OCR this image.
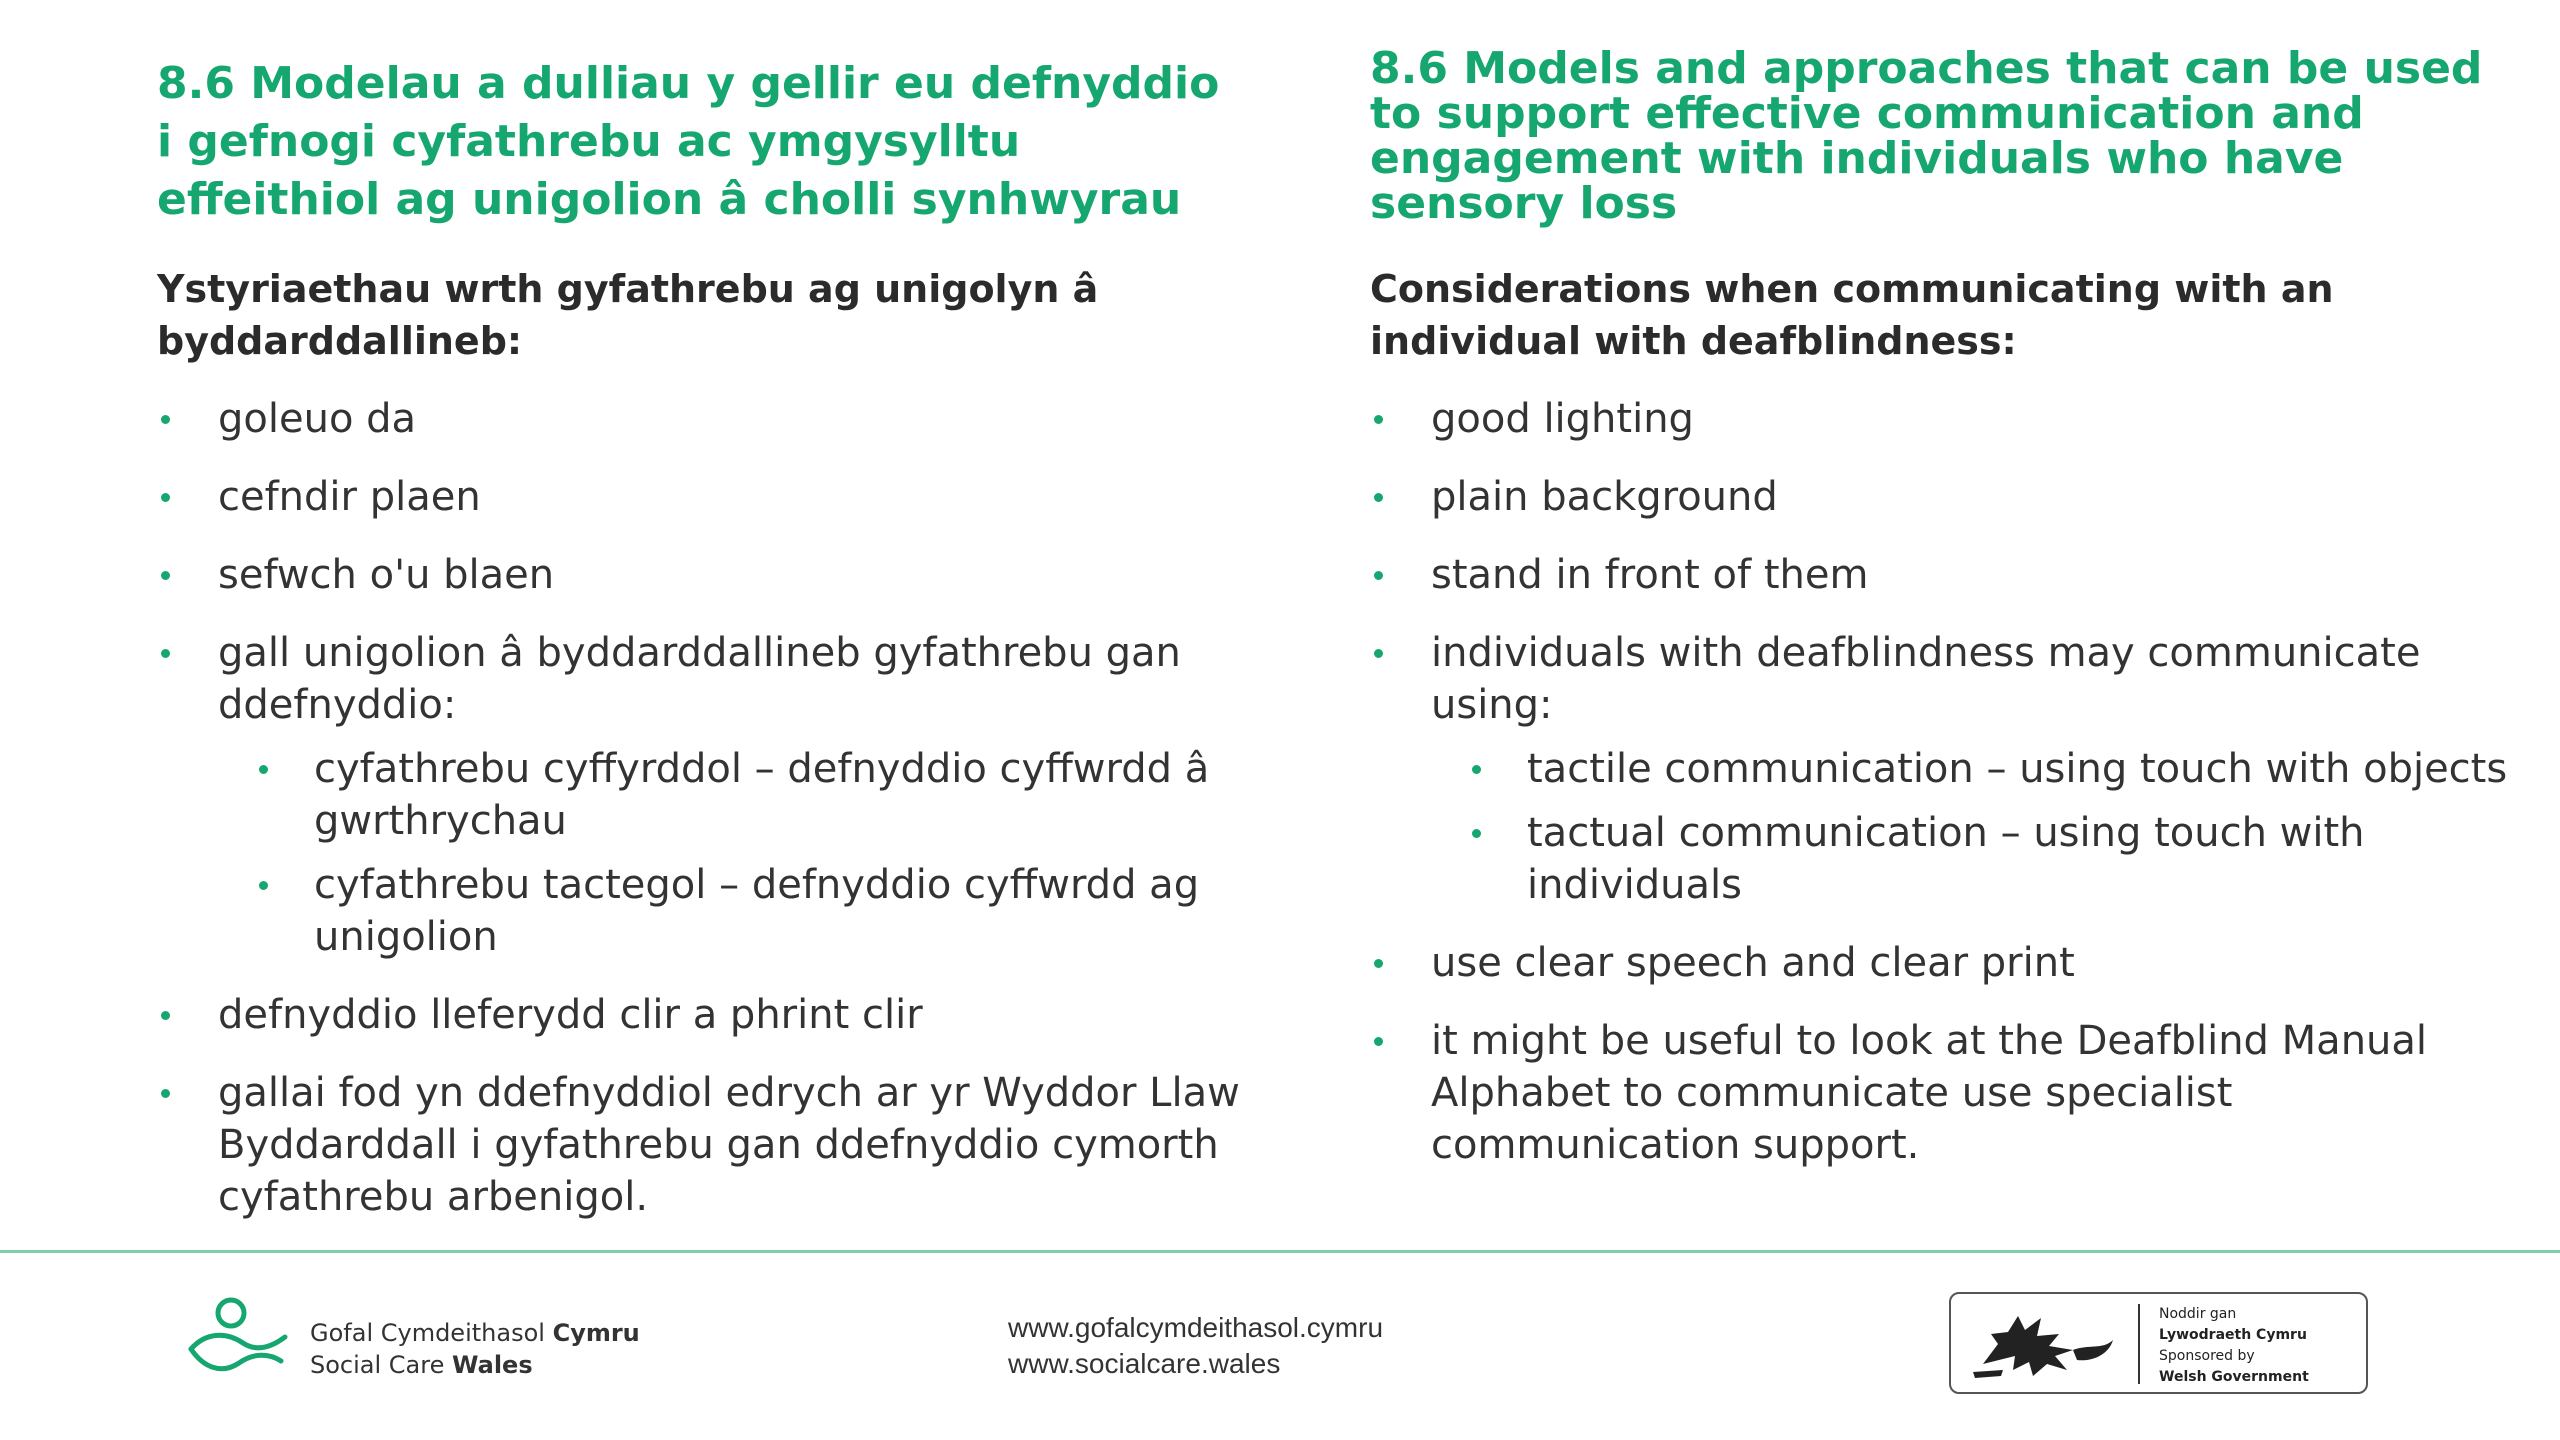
8.6 Modelau a dulliau y gellir eu defnyddio i gefnogi cyfathrebu ac ymgysylltu effeithiol ag unigolion â cholli synhwyrau
Ystyriaethau wrth gyfathrebu ag unigolyn â byddarddallineb:
goleuo da
cefndir plaen
sefwch o'u blaen
gall unigolion â byddarddallineb gyfathrebu gan ddefnyddio:
cyfathrebu cyffyrddol – defnyddio cyffwrdd â gwrthrychau
cyfathrebu tactegol – defnyddio cyffwrdd ag unigolion
defnyddio lleferydd clir a phrint clir
gallai fod yn ddefnyddiol edrych ar yr Wyddor Llaw Byddarddall i gyfathrebu gan ddefnyddio cymorth cyfathrebu arbenigol.
8.6 Models and approaches that can be used to support effective communication and engagement with individuals who have sensory loss
Considerations when communicating with an individual with deafblindness:
good lighting
plain background
stand in front of them
individuals with deafblindness may communicate using:
tactile communication – using touch with objects
tactual communication – using touch with individuals
use clear speech and clear print
it might be useful to look at the Deafblind Manual Alphabet to communicate use specialist communication support.
Gofal Cymdeithasol Cymru
Social Care Wales
www.gofalcymdeithasol.cymru
www.socialcare.wales
Noddir gan
Lywodraeth Cymru
Sponsored by
Welsh Government
